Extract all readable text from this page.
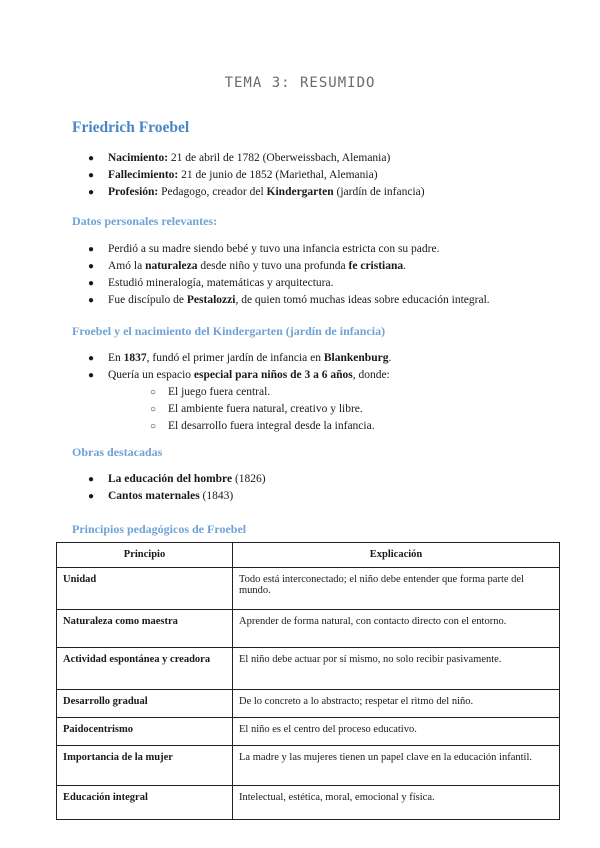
TEMA 3: RESUMIDO
Friedrich Froebel
● Nacimiento: 21 de abril de 1782 (Oberweissbach, Alemania)
● Fallecimiento: 21 de junio de 1852 (Mariethal, Alemania)
● Profesión: Pedagogo, creador del Kindergarten (jardín de infancia)
Datos personales relevantes:
● Perdió a su madre siendo bebé y tuvo una infancia estricta con su padre.
● Amó la naturaleza desde niño y tuvo una profunda fe cristiana.
● Estudió mineralogía, matemáticas y arquitectura.
● Fue discípulo de Pestalozzi, de quien tomó muchas ideas sobre educación integral.
Froebel y el nacimiento del Kindergarten (jardín de infancia)
● En 1837, fundó el primer jardín de infancia en Blankenburg.
● Quería un espacio especial para niños de 3 a 6 años, donde:
○ El juego fuera central.
○ El ambiente fuera natural, creativo y libre.
○ El desarrollo fuera integral desde la infancia.
Obras destacadas
● La educación del hombre (1826)
● Cantos maternales (1843)
Principios pedagógicos de Froebel
Principio	Explicación
Unidad	Todo está interconectado; el niño debe entender que forma parte del mundo.
Naturaleza como maestra	Aprender de forma natural, con contacto directo con el entorno.
Actividad espontánea y creadora	El niño debe actuar por sí mismo, no solo recibir pasivamente.
Desarrollo gradual	De lo concreto a lo abstracto; respetar el ritmo del niño.
Paidocentrismo	El niño es el centro del proceso educativo.
Importancia de la mujer	La madre y las mujeres tienen un papel clave en la educación infantil.
Educación integral	Intelectual, estética, moral, emocional y física.
